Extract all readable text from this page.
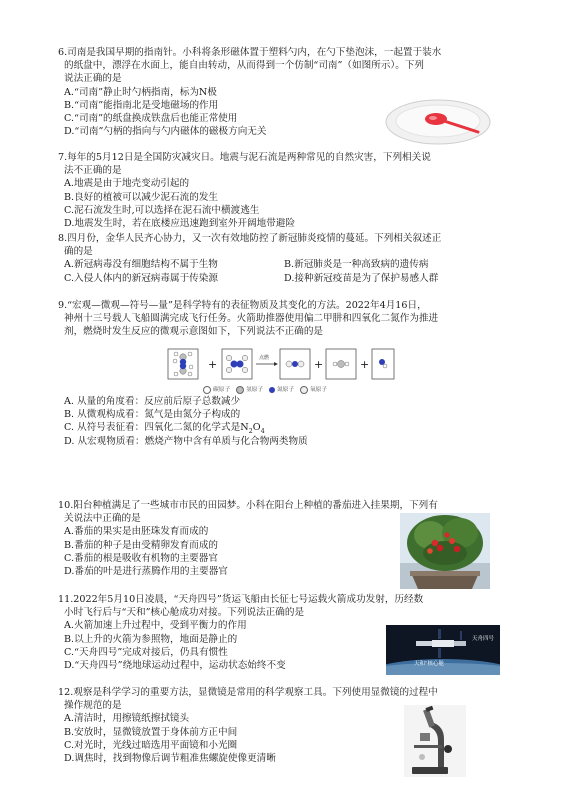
6.司南是我国早期的指南针。小科将条形磁体置于塑料勺内，在勺下垫泡沫，一起置于装水
的纸盘中，漂浮在水面上，能自由转动，从而得到一个仿制“司南”（如图所示）。下列
说法正确的是
A.“司南”静止时勺柄指南，标为N极
B.“司南”能指南北是受地磁场的作用
C.“司南”的纸盘换成铁盘后也能正常使用
D.“司南”勺柄的指向与勺内磁体的磁极方向无关
7.每年的5月12日是全国防灾减灾日。地震与泥石流是两种常见的自然灾害，下列相关说
法不正确的是
A.地震是由于地壳变动引起的
B.良好的植被可以减少泥石流的发生
C.泥石流发生时,可以选择在泥石流中横渡逃生
D.地震发生时，若在底楼应迅速跑到室外开阔地带避险
8.四月份，金华人民齐心协力，又一次有效地防控了新冠肺炎疫情的蔓延。下列相关叙述正
确的是
A.新冠病毒没有细胞结构不属于生物	B.新冠肺炎是一种高致病的遗传病
C.入侵人体内的新冠病毒属于传染源	D.接种新冠疫苗是为了保护易感人群
9.“宏观—微观—符号—量”是科学特有的表征物质及其变化的方法。2022年4月16日，
神州十三号载人飞船圆满完成飞行任务。火箭助推器使用偏二甲肼和四氧化二氮作为推进
剂，燃烧时发生反应的微观示意图如下，下列说法不正确的是
+	点燃	+	+
碳原子	氢原子 氮原子	氧原子
A. 从量的角度看：反应前后原子总数减少
B. 从微观构成看：氮气是由氮分子构成的
C. 从符号表征看：四氧化二氮的化学式是$N_2O_4$
D. 从宏观物质看：燃烧产物中含有单质与化合物两类物质
10.阳台种植满足了一些城市市民的田园梦。小科在阳台上种植的番茄进入挂果期，下列有
关说法中正确的是
A.番茄的果实是由胚珠发育而成的
B.番茄的种子是由受精卵发育而成的
C.番茄的根是吸收有机物的主要器官
D.番茄的叶是进行蒸腾作用的主要器官
11.2022年5月10日凌晨，“天舟四号”货运飞船由长征七号运载火箭成功发射，历经数
小时飞行后与“天和”核心舱成功对接。下列说法正确的是
A.火箭加速上升过程中，受到平衡力的作用
B.以上升的火箭为参照物，地面是静止的
C.“天舟四号”完成对接后，仍具有惯性
D.“天舟四号”绕地球运动过程中，运动状态始终不变
天舟四号
天和"核心舱
12.观察是科学学习的重要方法，显微镜是常用的科学观察工具。下列使用显微镜的过程中
操作规范的是
A.清洁时，用擦镜纸擦拭镜头
B.安放时，显微镜放置于身体前方正中间
C.对光时，光线过暗选用平面镜和小光圈
D.调焦时，找到物像后调节粗准焦螺旋使像更清晰
